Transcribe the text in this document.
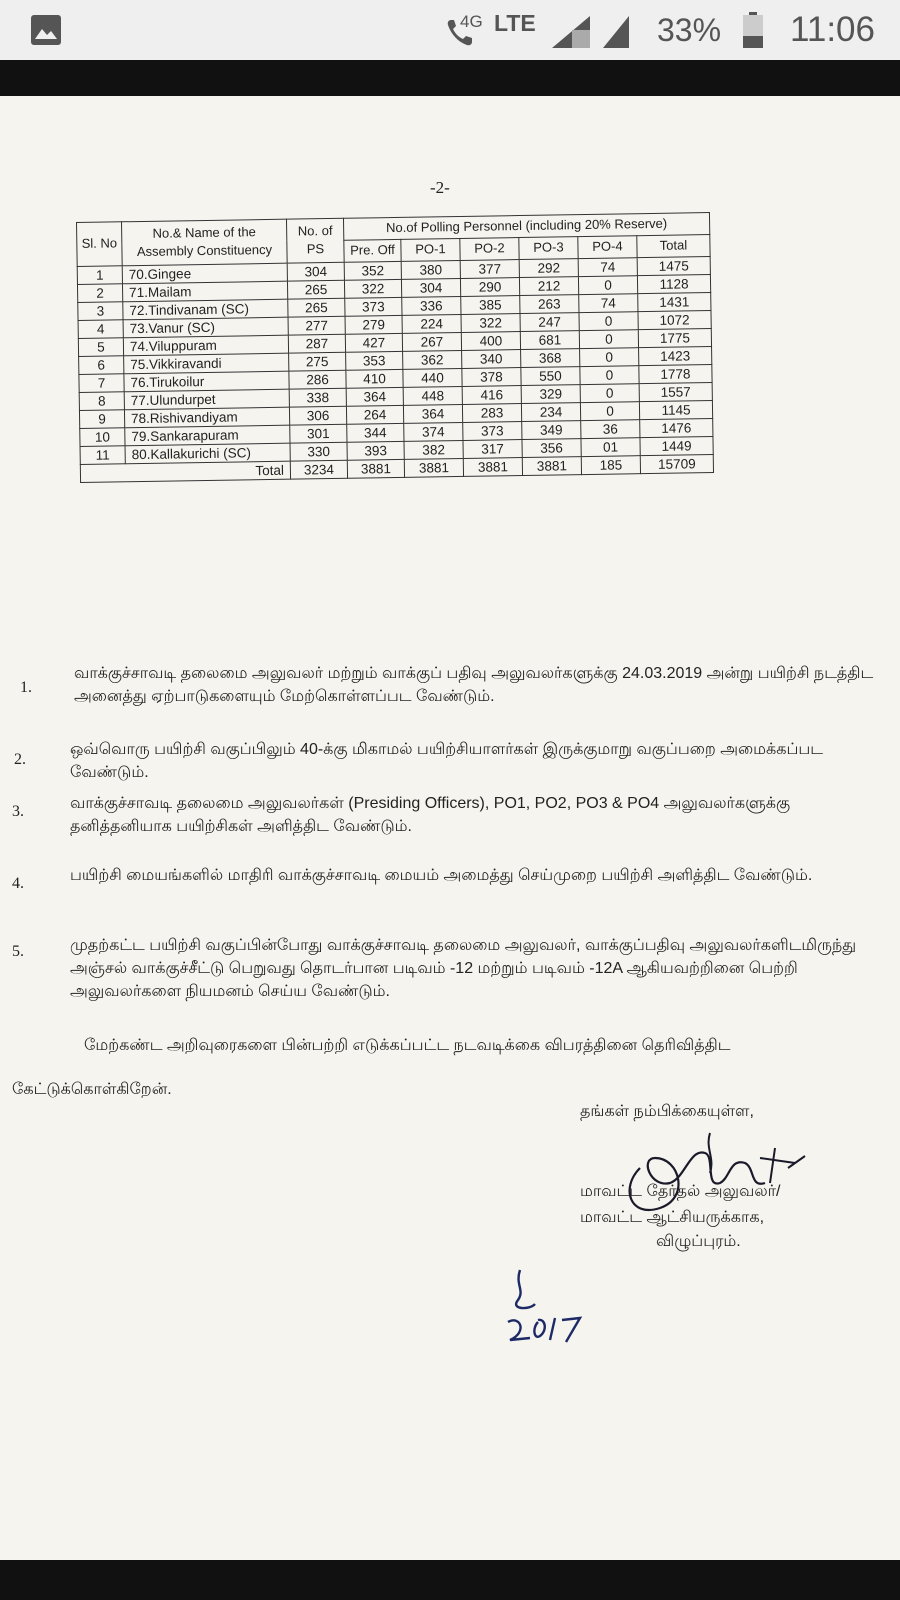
4G LTE	33% 11:06
-2-
Sl. No	No.& Name of the Assembly Constituency	No. of PS	No.of Polling Personnel (including 20% Reserve)					
			Pre. Off	PO-1	PO-2	PO-3	PO-4	Total
1	70.Gingee	304	352	380	377	292	74	1475
2	71.Mailam	265	322	304	290	212	0	1128
3	72.Tindivanam (SC)	265	373	336	385	263	74	1431
4	73.Vanur (SC)	277	279	224	322	247	0	1072
5	74.Viluppuram	287	427	267	400	681	0	1775
6	75.Vikkiravandi	275	353	362	340	368	0	1423
7	76.Tirukoilur	286	410	440	378	550	0	1778
8	77.Ulundurpet	338	364	448	416	329	0	1557
9	78.Rishivandiyam	306	264	364	283	234	0	1145
10	79.Sankarapuram	301	344	374	373	349	36	1476
11	80.Kallakurichi (SC)	330	393	382	317	356	01	1449
Total		3234	3881	3881	3881	3881	185	15709
1.
வாக்குச்சாவடி தலைமை அலுவலர் மற்றும் வாக்குப் பதிவு அலுவலர்களுக்கு 24.03.2019 அன்று பயிற்சி நடத்திட அனைத்து ஏற்பாடுகளையும் மேற்கொள்ளப்பட வேண்டும்.
2.
ஒவ்வொரு பயிற்சி வகுப்பிலும் 40-க்கு மிகாமல் பயிற்சியாளர்கள் இருக்குமாறு வகுப்பறை அமைக்கப்பட வேண்டும்.
3.	வாக்குச்சாவடி தலைமை அலுவலர்கள் (Presiding Officers), PO1, PO2, PO3 & PO4 அலுவலர்களுக்கு தனித்தனியாக பயிற்சிகள் அளித்திட வேண்டும்.
4.	பயிற்சி மையங்களில் மாதிரி வாக்குச்சாவடி மையம் அமைத்து செய்முறை பயிற்சி அளித்திட வேண்டும்.
5.	முதற்கட்ட பயிற்சி வகுப்பின்போது வாக்குச்சாவடி தலைமை அலுவலர், வாக்குப்பதிவு அலுவலர்களிடமிருந்து அஞ்சல் வாக்குச்சீட்டு பெறுவது தொடர்பான படிவம் -12 மற்றும் படிவம் -12A ஆகியவற்றினை பெற்றி அலுவலர்களை நியமனம் செய்ய வேண்டும்.
மேற்கண்ட அறிவுரைகளை பின்பற்றி எடுக்கப்பட்ட நடவடிக்கை விபரத்தினை தெரிவித்திட
கேட்டுக்கொள்கிறேன்.
தங்கள் நம்பிக்கையுள்ள,
மாவட்ட தேர்தல் அலுவலர்/
மாவட்ட ஆட்சியருக்காக,
விழுப்புரம்.
